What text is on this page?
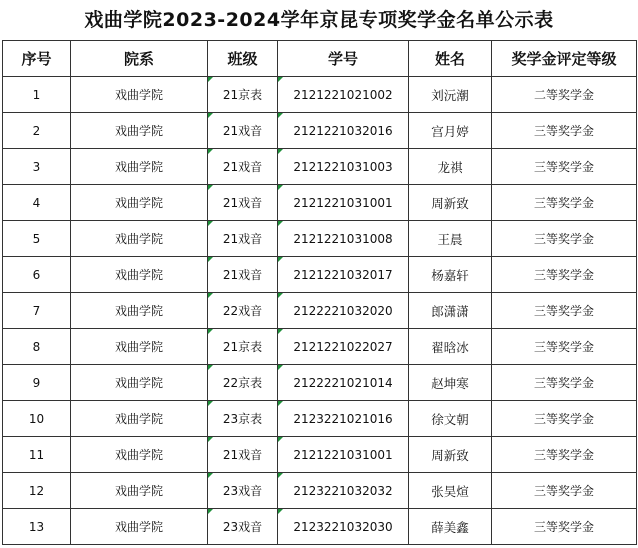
戏曲学院2023-2024学年京昆专项奖学金名单公示表
序号	院系	班级	学号	姓名	奖学金评定等级
1	戏曲学院	21京表	2121221021002	刘沅潮	二等奖学金
2	戏曲学院	21戏音	2121221032016	宫月婷	三等奖学金
3	戏曲学院	21戏音	2121221031003	龙祺	三等奖学金
4	戏曲学院	21戏音	2121221031001	周新致	三等奖学金
5	戏曲学院	21戏音	2121221031008	王晨	三等奖学金
6	戏曲学院	21戏音	2121221032017	杨嘉轩	三等奖学金
7	戏曲学院	22戏音	2122221032020	郎潇潇	三等奖学金
8	戏曲学院	21京表	2121221022027	翟晗冰	三等奖学金
9	戏曲学院	22京表	2122221021014	赵坤寒	三等奖学金
10	戏曲学院	23京表	2123221021016	徐文朝	三等奖学金
11	戏曲学院	21戏音	2121221031001	周新致	三等奖学金
12	戏曲学院	23戏音	2123221032032	张昊煊	三等奖学金
13	戏曲学院	23戏音	2123221032030	薛美鑫	三等奖学金
